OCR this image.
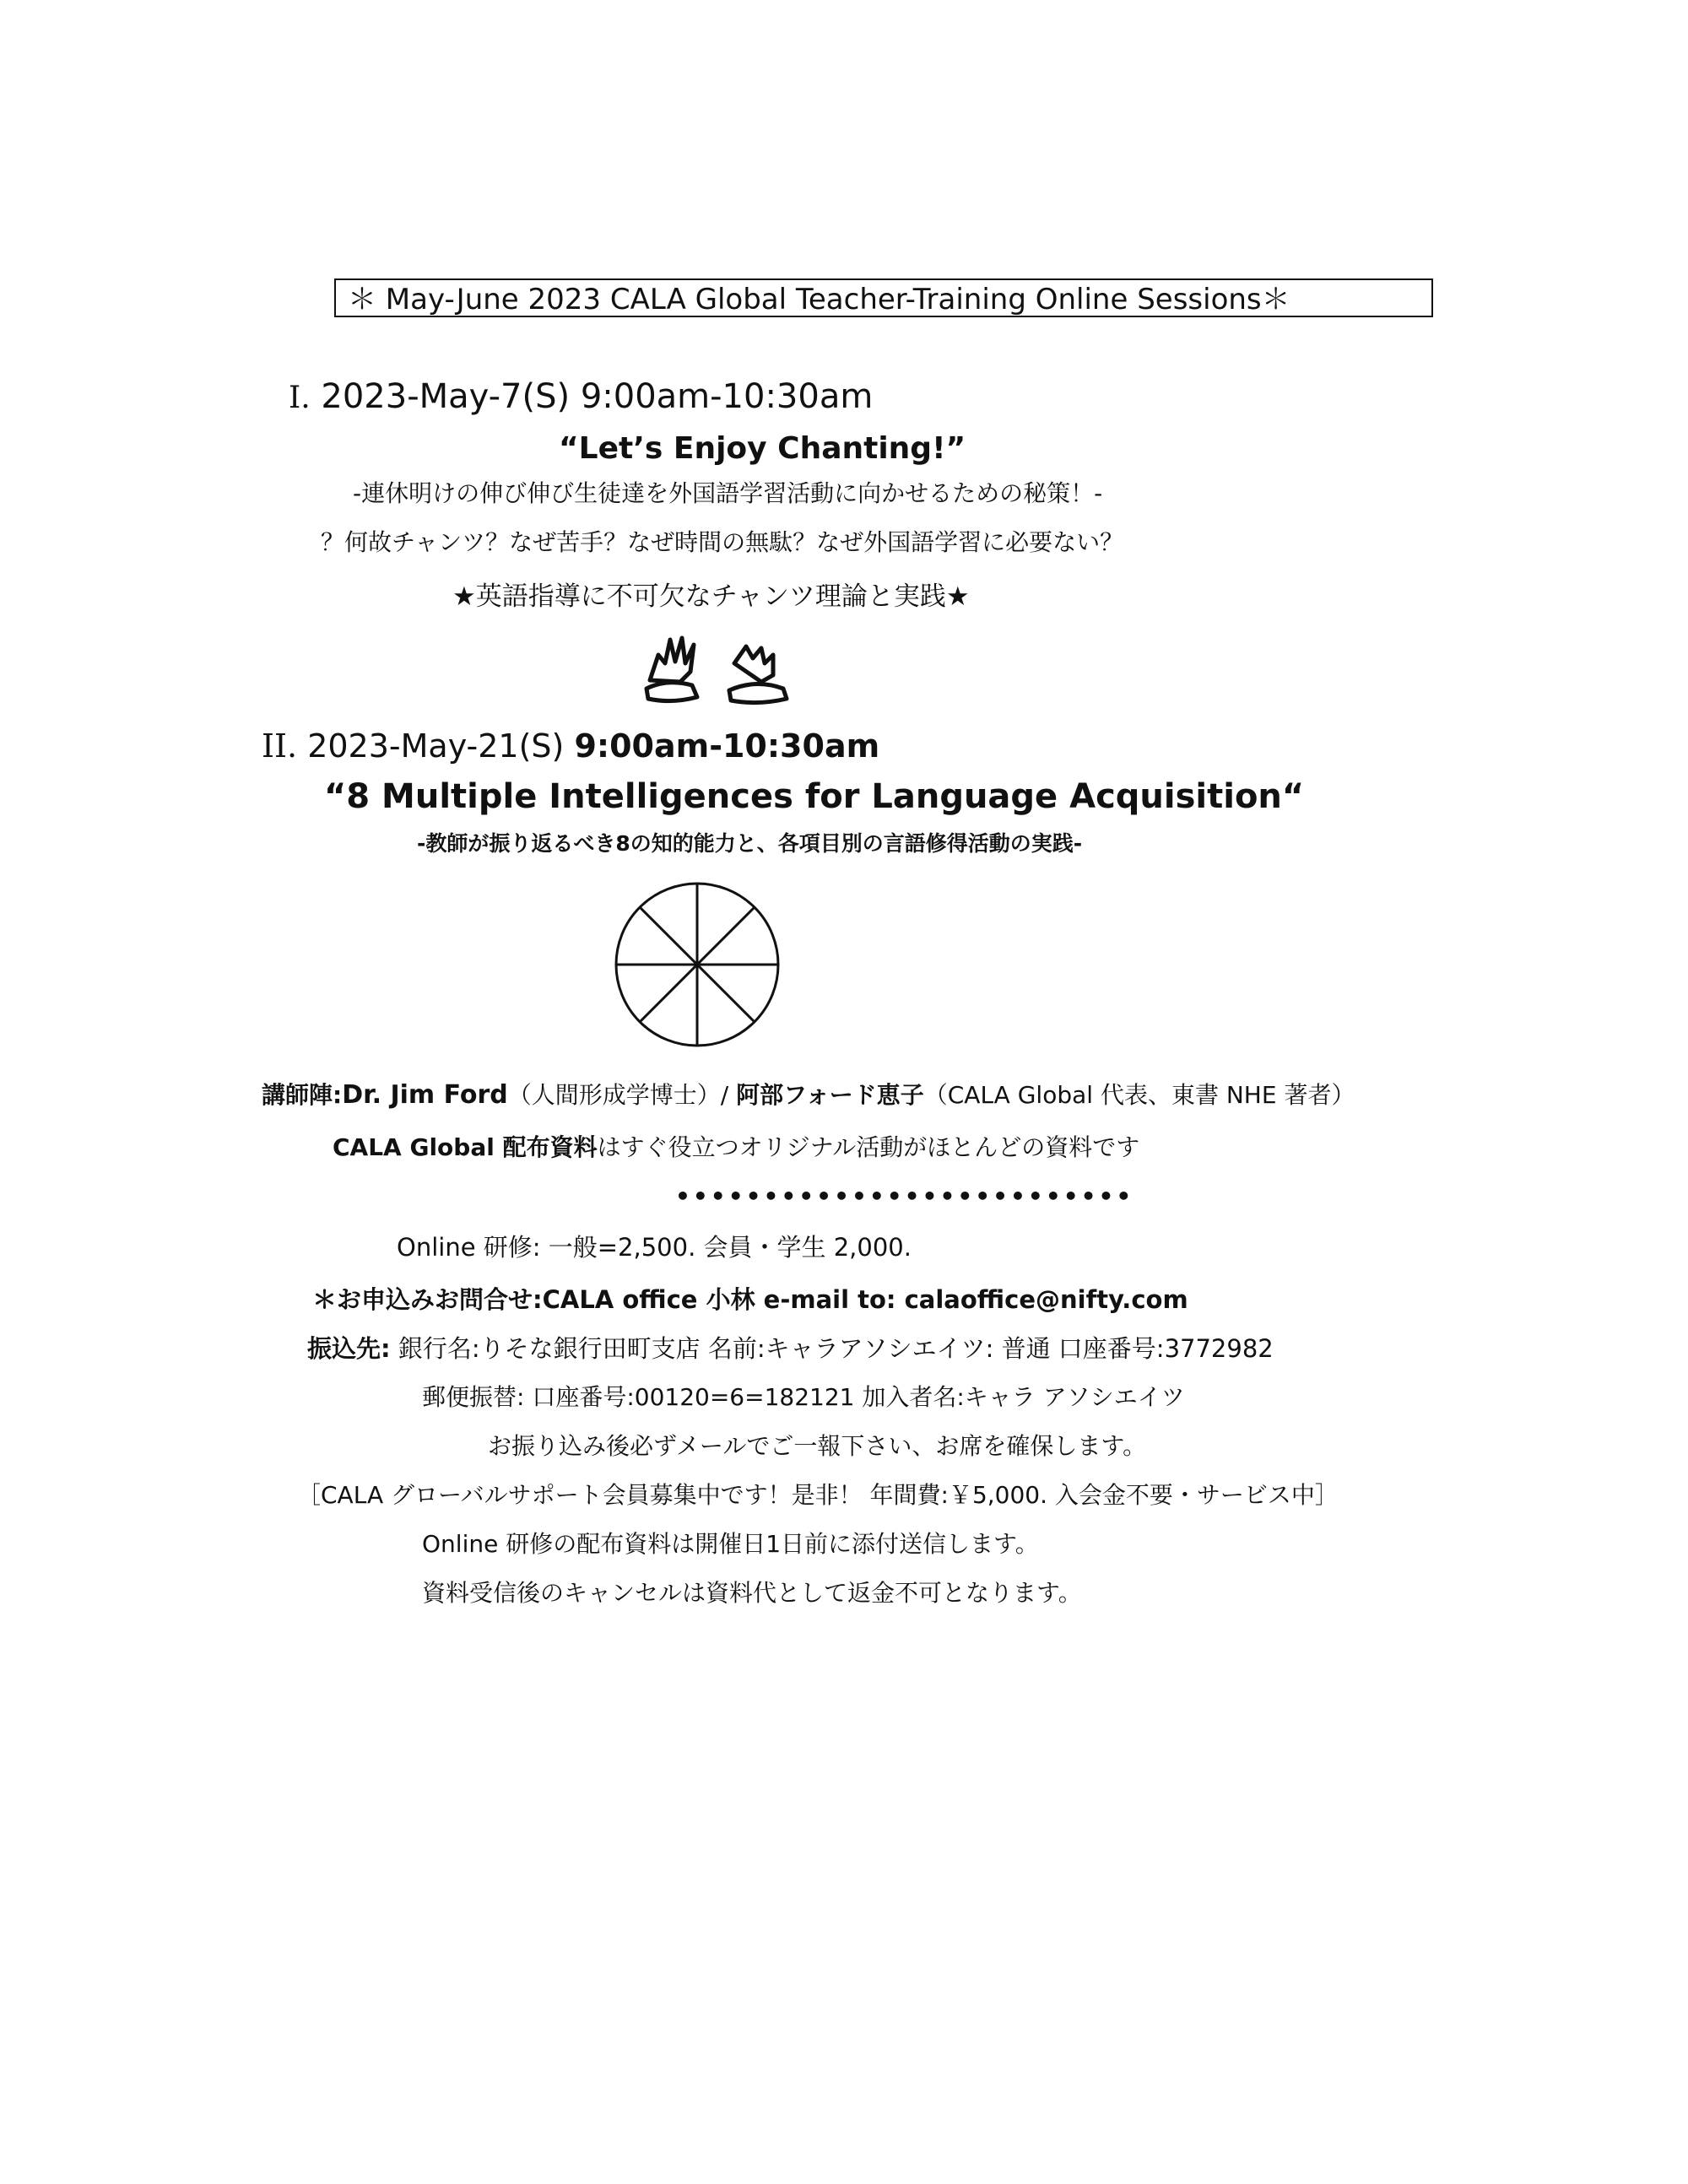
＊ May-June 2023 CALA Global Teacher-Training Online Sessions＊
I. 2023-May-7(S) 9:00am-10:30am
“Let’s Enjoy Chanting!”
-連休明けの伸び伸び生徒達を外国語学習活動に向かせるための秘策！-
？何故チャンツ？なぜ苦手？なぜ時間の無駄？なぜ外国語学習に必要ない？
★英語指導に不可欠なチャンツ理論と実践★
II. 2023-May-21(S) 9:00am-10:30am
“8 Multiple Intelligences for Language Acquisition“
-教師が振り返るべき8の知的能力と、各項目別の言語修得活動の実践-
講師陣:Dr. Jim Ford（人間形成学博士）/ 阿部フォード恵子（CALA Global 代表、東書 NHE 著者）
CALA Global 配布資料はすぐ役立つオリジナル活動がほとんどの資料です
••••••••••••••••••••••••••
Online 研修: 一般=2,500. 会員・学生 2,000.
＊お申込みお問合せ:CALA office 小林 e-mail to: calaoffice@nifty.com
振込先: 銀行名:りそな銀行田町支店 名前:キャラアソシエイツ: 普通 口座番号:3772982
郵便振替: 口座番号:00120=6=182121 加入者名:キャラ アソシエイツ
お振り込み後必ずメールでご一報下さい、お席を確保します。
［CALA グローバルサポート会員募集中です！是非！ 年間費:￥5,000. 入会金不要・サービス中］
Online 研修の配布資料は開催日1日前に添付送信します。
資料受信後のキャンセルは資料代として返金不可となります。
